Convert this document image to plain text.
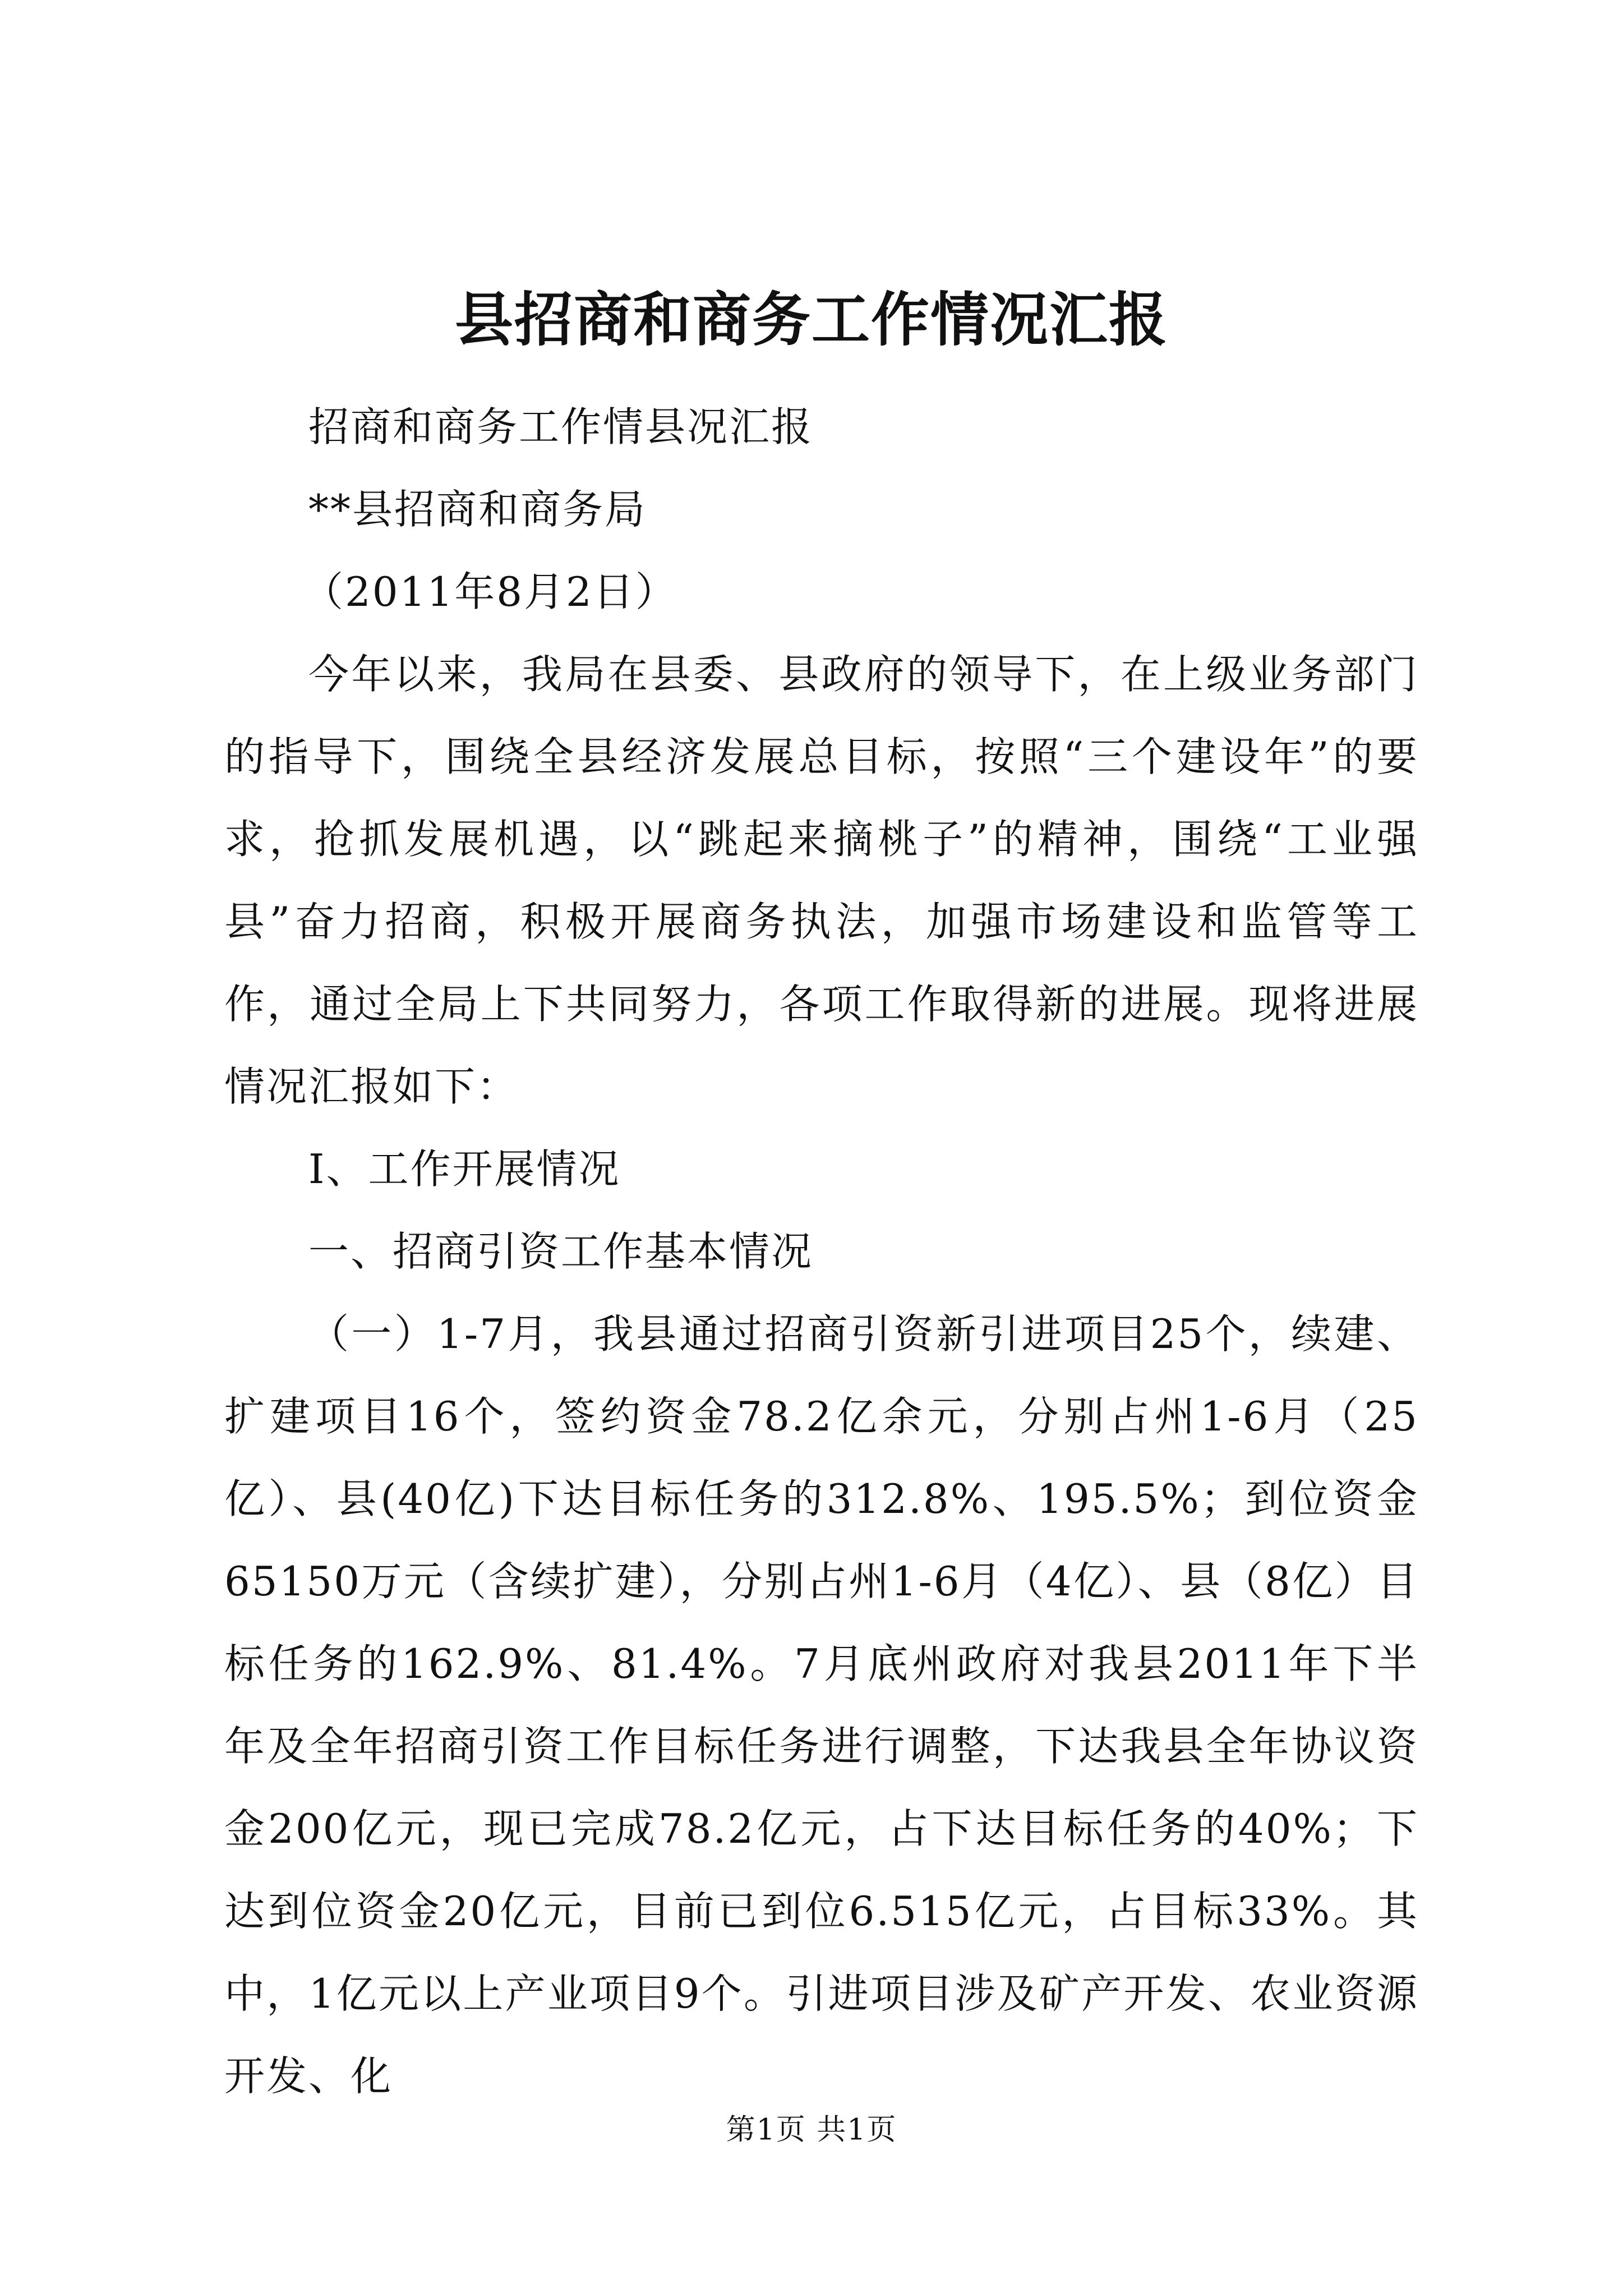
县招商和商务工作情况汇报

招商和商务工作情县况汇报

**县招商和商务局

（2011年8月2日）

今年以来，我局在县委、县政府的领导下，在上级业务部门的指导下，围绕全县经济发展总目标，按照“三个建设年”的要求，抢抓发展机遇，以“跳起来摘桃子”的精神，围绕“工业强县”奋力招商，积极开展商务执法，加强市场建设和监管等工作，通过全局上下共同努力，各项工作取得新的进展。现将进展情况汇报如下：

Ⅰ、工作开展情况

一、招商引资工作基本情况

（一）1-7月，我县通过招商引资新引进项目25个，续建、扩建项目16个，签约资金78.2亿余元，分别占州1-6月（25亿）、县(40亿)下达目标任务的312.8%、195.5%；到位资金65150万元（含续扩建），分别占州1-6月（4亿）、县（8亿）目标任务的162.9%、81.4%。7月底州政府对我县2011年下半年及全年招商引资工作目标任务进行调整，下达我县全年协议资金200亿元，现已完成78.2亿元，占下达目标任务的40%；下达到位资金20亿元，目前已到位6.515亿元，占目标33%。其中，1亿元以上产业项目9个。引进项目涉及矿产开发、农业资源开发、化

第1页 共1页
